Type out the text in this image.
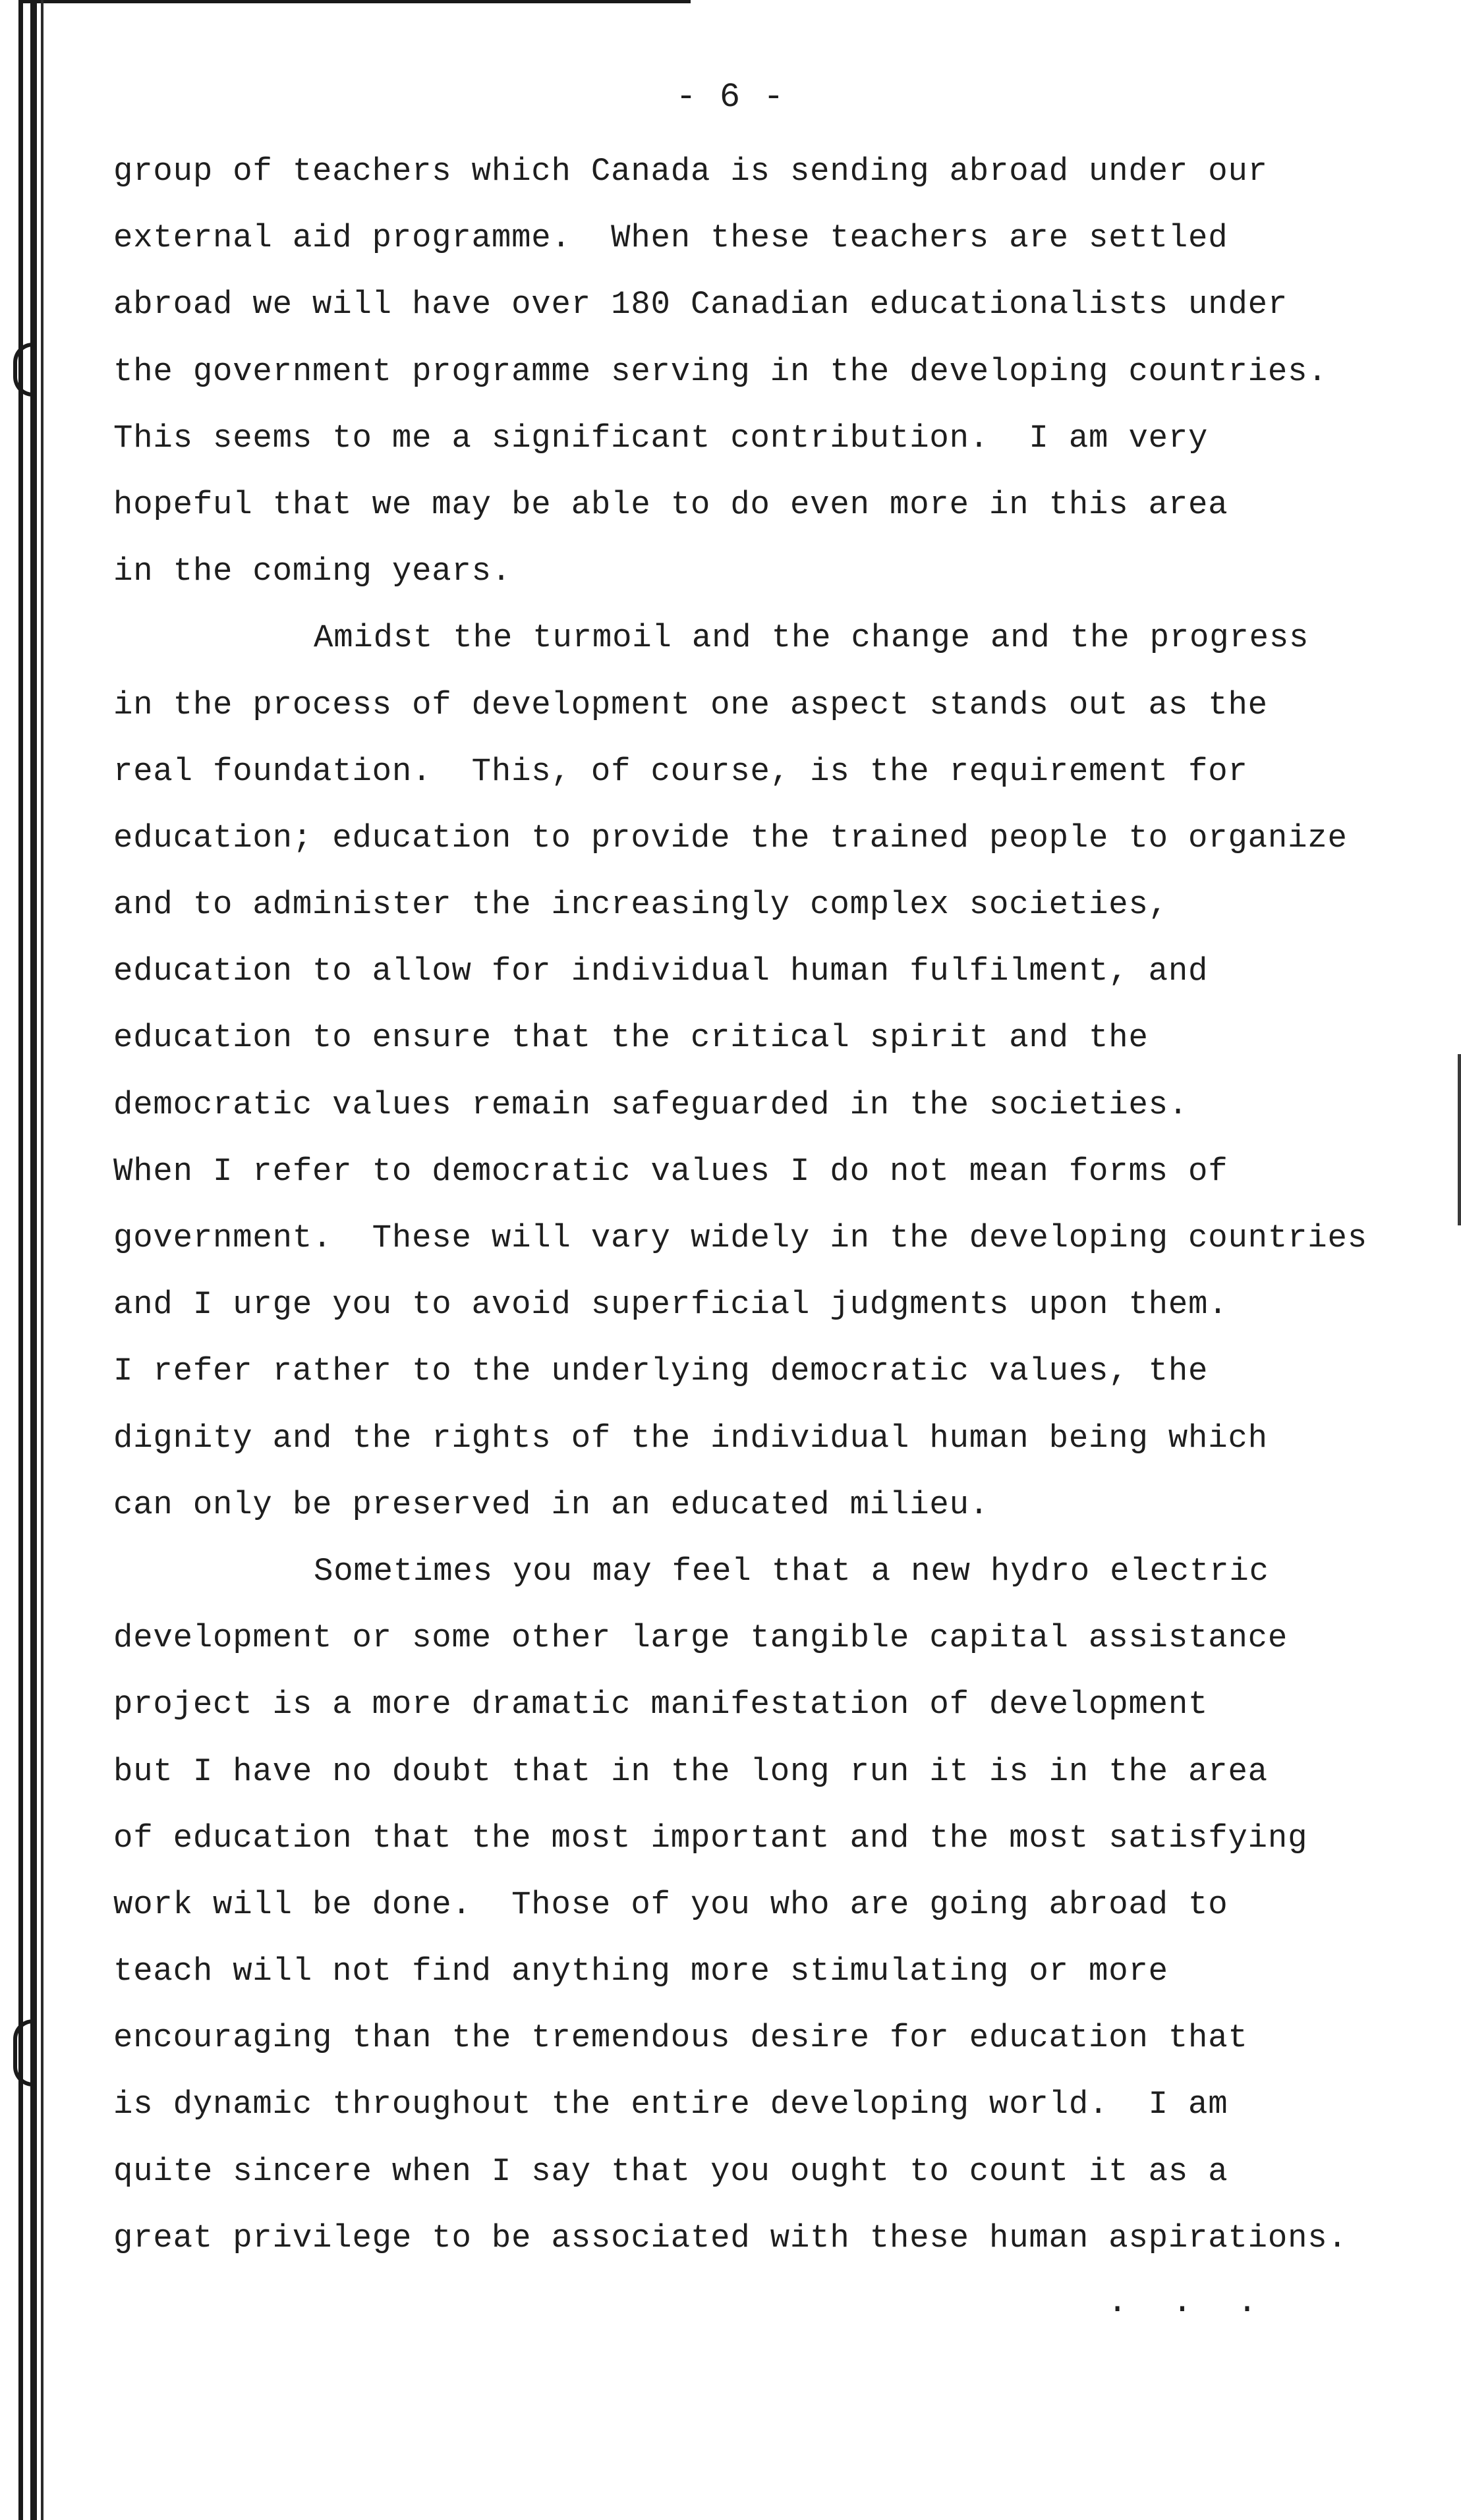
- 6 -
group of teachers which Canada is sending abroad under our
external aid programme.  When these teachers are settled
abroad we will have over 180 Canadian educationalists under
the government programme serving in the developing countries.
This seems to me a significant contribution.  I am very
hopeful that we may be able to do even more in this area
in the coming years.
Amidst the turmoil and the change and the progress
in the process of development one aspect stands out as the
real foundation.  This, of course, is the requirement for
education; education to provide the trained people to organize
and to administer the increasingly complex societies,
education to allow for individual human fulfilment, and
education to ensure that the critical spirit and the
democratic values remain safeguarded in the societies.
When I refer to democratic values I do not mean forms of
government.  These will vary widely in the developing countries
and I urge you to avoid superficial judgments upon them.
I refer rather to the underlying democratic values, the
dignity and the rights of the individual human being which
can only be preserved in an educated milieu.
Sometimes you may feel that a new hydro electric
development or some other large tangible capital assistance
project is a more dramatic manifestation of development
but I have no doubt that in the long run it is in the area
of education that the most important and the most satisfying
work will be done.  Those of you who are going abroad to
teach will not find anything more stimulating or more
encouraging than the tremendous desire for education that
is dynamic throughout the entire developing world.  I am
quite sincere when I say that you ought to count it as a
great privilege to be associated with these human aspirations.
. . .
